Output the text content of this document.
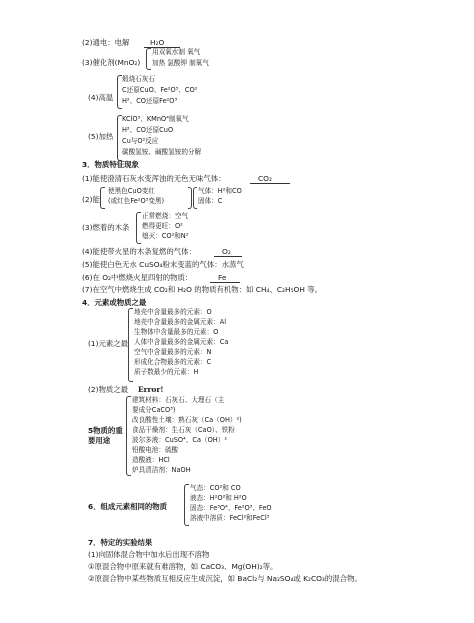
(2)通电：电解	H₂O
(3)催化剂(MnO₂)
用双氧水制 氧气
加热 氯酸钾 制氧气
(4)高温
煅烧石灰石
C还原CuO、Fe²O³、CO²
H²、CO还原Fe²O³
(5)加热
KClO³、KMnO⁴制氧气
H²、CO还原CuO
Cu与O²反应
碳酸氢铵、碱酸氢铵的分解
3．物质特征现象
(1)能使澄清石灰水变浑浊的无色无味气体：	CO₂
(2)能
使黑色CuO变红
(或红色Fe²O³变黑)
气体：H²和CO
固体：C
(3)燃着的木条
正常燃烧：空气
燃得更旺：O²
熄灭：CO²和N²
(4)能使带火星的木条复燃的气体：	O₂
(5)能使白色无水 CuSO₄粉末变蓝的气体：水蒸气
(6)在 O₂中燃烧火星四射的物质：	Fe
(7)在空气中燃烧生成 CO₂和 H₂O 的物质有机物：如 CH₄、C₂H₅OH 等。
4．元素或物质之最
(1)元素之最
地壳中含量最多的元素：O
地壳中含量最多的金属元素：Al
生物体中含量最多的元素：O
人体中含量最多的金属元素：Ca
空气中含量最多的元素：N
形成化合物最多的元素：C
质子数最少的元素：H
(2)物质之最 Error!
5物质的重
要用途
建筑材料：石灰石、大理石（主
要成分CaCO³)
改良酸性土壤：熟石灰（Ca（OH）²)
食品干燥剂：生石灰（CaO）、铁粉
波尔多液：CuSO⁴、Ca（OH）²
铅酸电池：硫酸
造酸液：HCl
炉具清洁剂：NaOH
6．组成元素相同的物质
气态：CO²和 CO
液态：H²O²和 H²O
固态：Fe³O⁴、Fe²O³、FeO
溶液中溶质：FeCl²和FeCl³
7．特定的实验结果
(1)向固体混合物中加水后出现不溶物
①原混合物中原来就有难溶物，如 CaCO₃、Mg(OH)₂等。
②原混合物中某些物质互相反应生成沉淀，如 BaCl₂与 Na₂SO₄或 K₂CO₃的混合物。
